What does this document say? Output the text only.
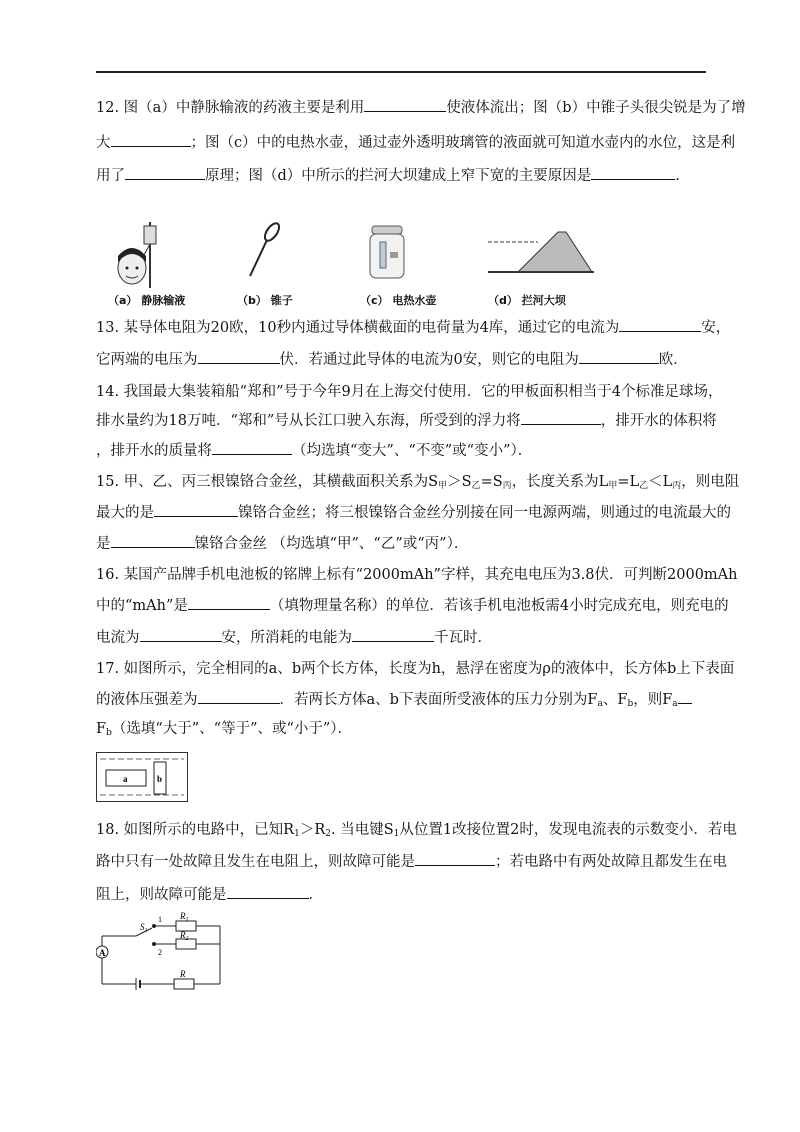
12. 图（a）中静脉输液的药液主要是利用	使液体流出；图（b）中锥子头很尖锐是为了增
大	；图（c）中的电热水壶，通过壶外透明玻璃管的液面就可知道水壶内的水位，这是利
用了	原理；图（d）中所示的拦河大坝建成上窄下宽的主要原因是	.
（a） 静脉输液	（b） 锥子	（c） 电热水壶	（d） 拦河大坝
13. 某导体电阻为20欧，10秒内通过导体横截面的电荷量为4库，通过它的电流为	安，
它两端的电压为	伏．若通过此导体的电流为0安，则它的电阻为	欧．
14. 我国最大集装箱船“郑和”号于今年9月在上海交付使用．它的甲板面积相当于4个标准足球场，
排水量约为18万吨．“郑和”号从长江口驶入东海，所受到的浮力将	，排开水的体积将
，排开水的质量将	（均选填“变大”、“不变”或“变小”）．
15. 甲、乙、丙三根镍铬合金丝，其横截面积关系为$S_甲>S_乙=S_丙$，长度关系为$L_甲=L_乙<L_丙$，则电阻
最大的是	镍铬合金丝；将三根镍铬合金丝分别接在同一电源两端，则通过的电流最大的
是	镍铬合金丝 （均选填“甲”、“乙”或“丙”）．
16. 某国产品牌手机电池板的铭牌上标有“2000mAh”字样，其充电电压为3.8伏．可判断2000mAh
中的“mAh”是	（填物理量名称）的单位．若该手机电池板需4小时完成充电，则充电的
电流为	安，所消耗的电能为	千瓦时．
17. 如图所示，完全相同的a、b两个长方体，长度为h，悬浮在密度为ρ的液体中，长方体b上下表面
的液体压强差为	．若两长方体a、b下表面所受液体的压力分别为$F_a$、$F_b$，则$F_a$
$F_b$（选填“大于”、“等于”、或“小于”）．
a	b
18. 如图所示的电路中，已知$R_1>R_2$. 当电键$S_1$从位置1改接位置2时，发现电流表的示数变小．若电
路中只有一处故障且发生在电阻上，则故障可能是	；若电路中有两处故障且都发生在电
阻上，则故障可能是	．
A
$S_1$
1
2
$R_1$
$R_2$
R
